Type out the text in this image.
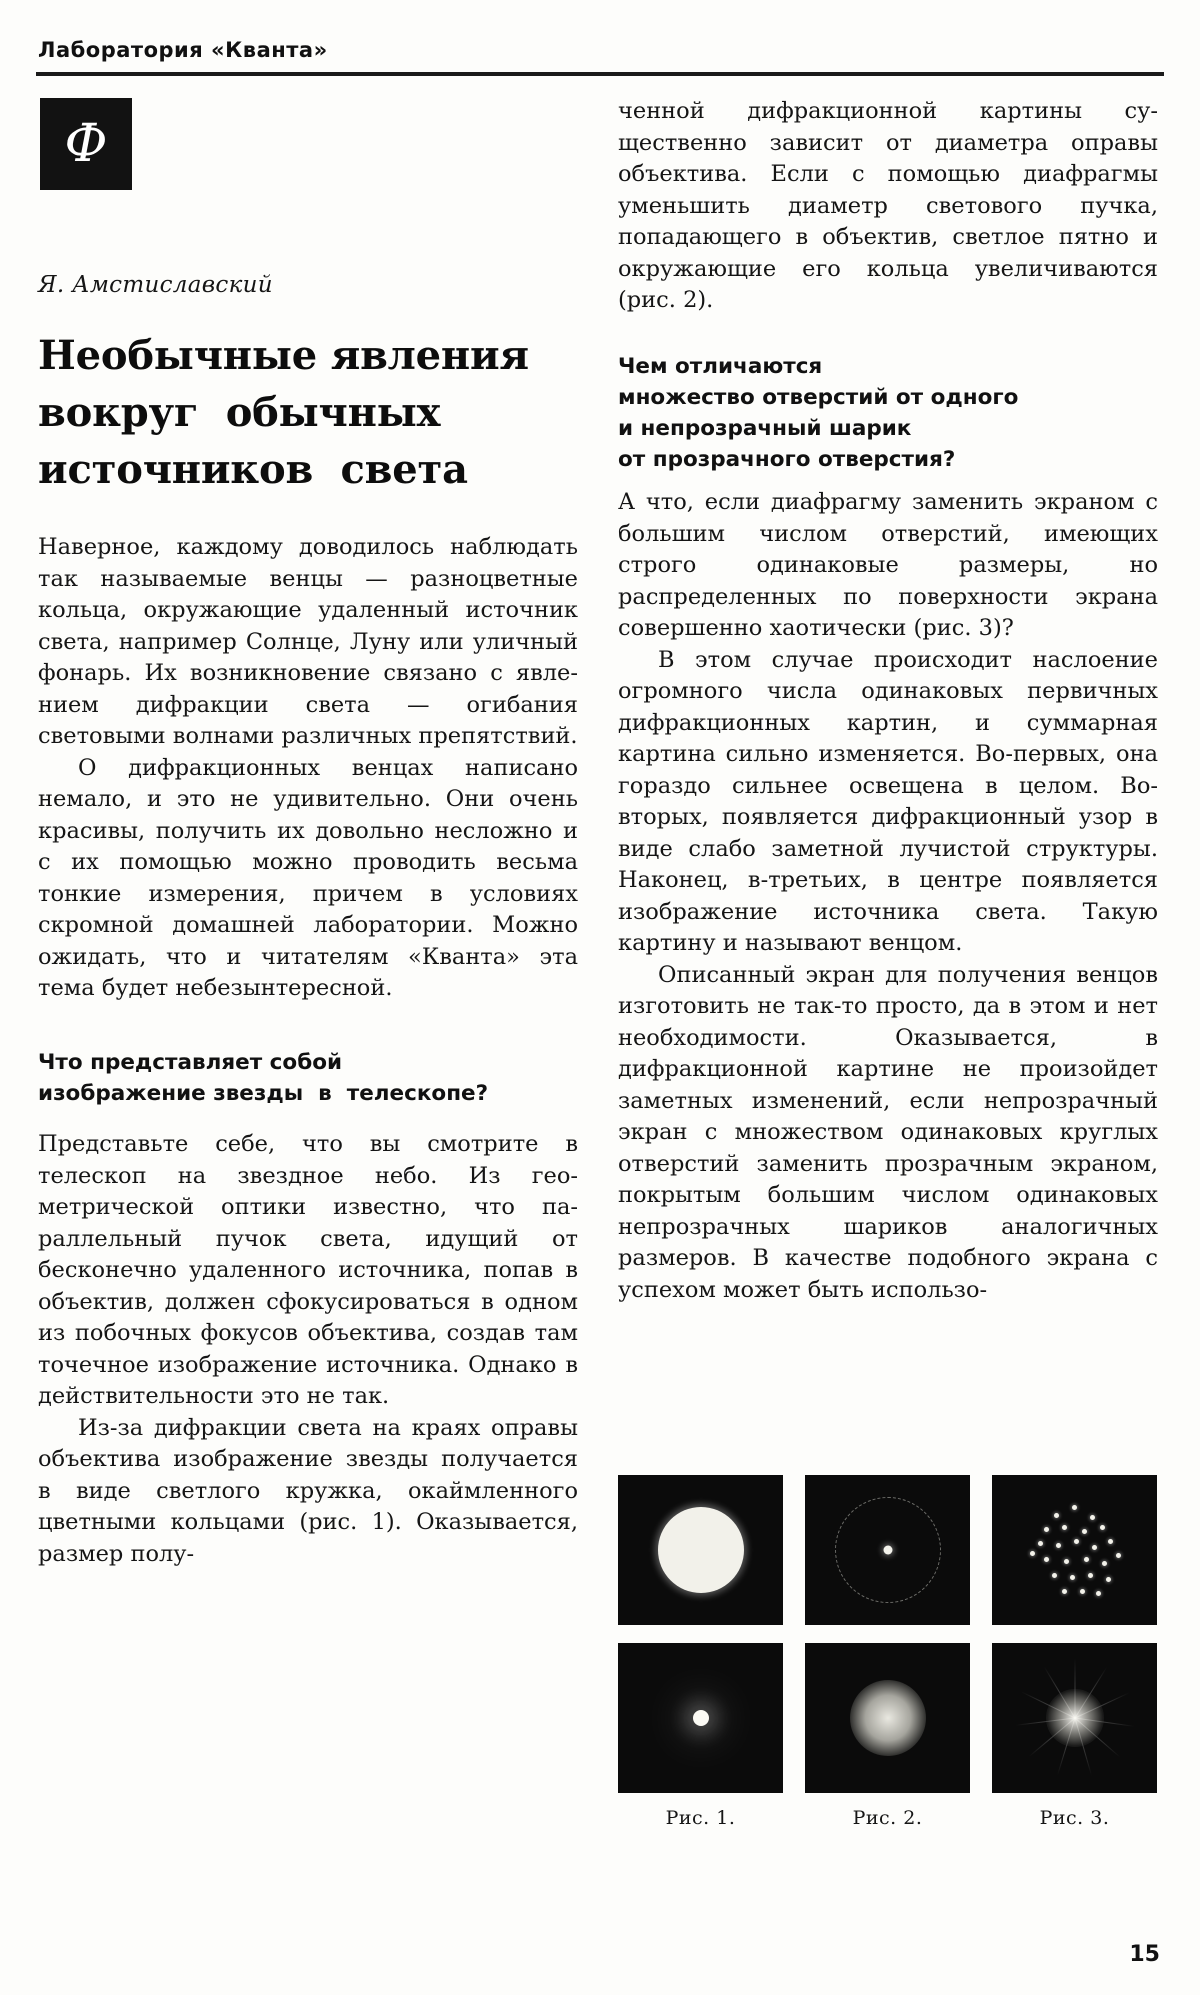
Лаборатория «Кванта»
Ф
Я. Амстиславский
Необычные явления
вокруг  обычных
источников  света

Наверное, каждому доводилось наблюдать так называемые венцы — разноцветные кольца, окружающие удаленный источник света, например Солнце, Луну или уличный фонарь. Их возникновение связано с явлением дифракции света — огибания световыми волнами различных препятствий.

О дифракционных венцах написано немало, и это не удивительно. Они очень красивы, получить их довольно несложно и с их помощью можно проводить весьма тонкие измерения, причем в условиях скромной домашней лаборатории. Можно ожидать, что и читателям «Кванта» эта тема будет небезынтересной.

Что представляет собой
изображение звезды  в  телескопе?

Представьте себе, что вы смотрите в телескоп на звездное небо. Из геометрической оптики известно, что параллельный пучок света, идущий от бесконечно удаленного источника, попав в объектив, должен сфокусироваться в одном из побочных фокусов объектива, создав там точечное изображение источника. Однако в действительности это не так.

Из-за дифракции света на краях оправы объектива изображение звезды получается в виде светлого кружка, окаймленного цветными кольцами (рис. 1). Оказывается, размер полу-

ченной дифракционной картины существенно зависит от диаметра оправы объектива. Если с помощью диафрагмы уменьшить диаметр светового пучка, попадающего в объектив, светлое пятно и окружающие его кольца увеличиваются (рис. 2).

Чем отличаются
множество отверстий от одного
и непрозрачный шарик
от прозрачного отверстия?

А что, если диафрагму заменить экраном с большим числом отверстий, имеющих строго одинаковые размеры, но распределенных по поверхности экрана совершенно хаотически (рис. 3)?

В этом случае происходит наслоение огромного числа одинаковых первичных дифракционных картин, и суммарная картина сильно изменяется. Во-первых, она гораздо сильнее освещена в целом. Во-вторых, появляется дифракционный узор в виде слабо заметной лучистой структуры. Наконец, в-третьих, в центре появляется изображение источника света. Такую картину и называют венцом.

Описанный экран для получения венцов изготовить не так-то просто, да в этом и нет необходимости. Оказывается, в дифракционной картине не произойдет заметных изменений, если непрозрачный экран с множеством одинаковых круглых отверстий заменить прозрачным экраном, покрытым большим числом одинаковых непрозрачных шариков аналогичных размеров. В качестве подобного экрана с успехом может быть использо-

Рис. 1.	Рис. 2.	Рис. 3.
15
